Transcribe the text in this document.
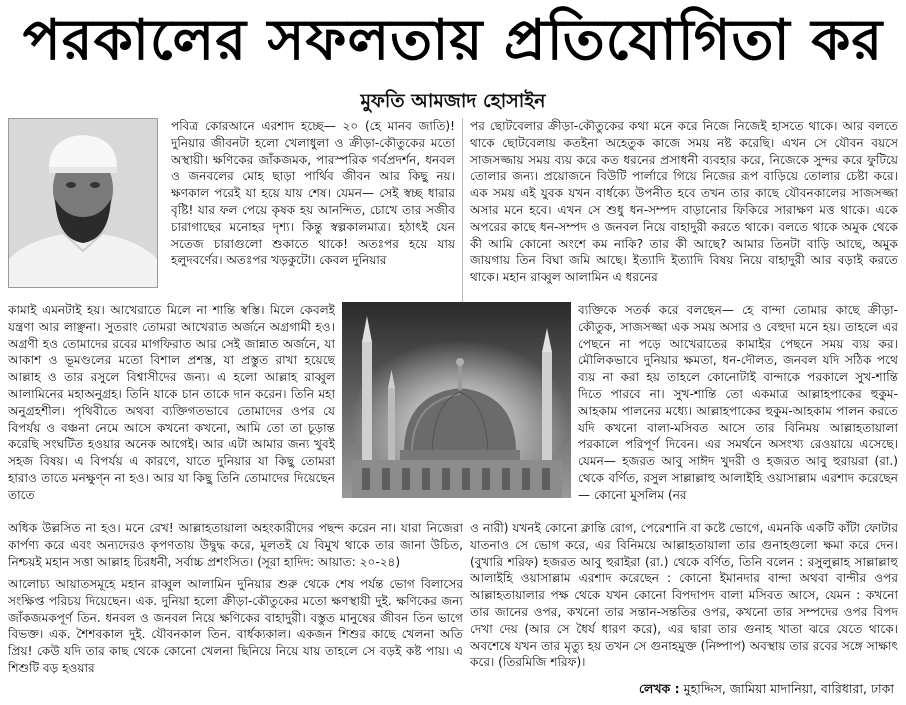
পরকালের সফলতায় প্রতিযোগিতা কর
মুফতি আমজাদ হোসাইন

পবিত্র কোরআনে এরশাদ হচ্ছে— ২০ (হে মানব জাতি)! দুনিয়ার জীবনটা হলো খেলাধুলা ও ক্রীড়া-কৌতুকের মতো অস্থায়ী। ক্ষণিকের জাঁকজমক, পারস্পরিক গর্বপ্রদর্শন, ধনবল ও জনবলের মোহ ছাড়া পার্থিব জীবন আর কিছু নয়। ক্ষণকাল পরেই যা হয়ে যায় শেষ। যেমন— সেই স্বচ্ছ ধারার বৃষ্টি! যার ফল পেয়ে কৃষক হয় আনন্দিত, চোখে তার সজীব চারাগাছের মনোহর দৃশ্য। কিন্তু স্বল্পকালমাত্র। হঠাৎই যেন সতেজ চারাগুলো শুকাতে থাকে! অতঃপর হয়ে যায় হলুদবর্ণের। অতঃপর খড়কুটো। কেবল দুনিয়ার

পর ছোটবেলার ক্রীড়া-কৌতুকের কথা মনে করে নিজে নিজেই হাসতে থাকে। আর বলতে থাকে ছোটবেলায় কতইনা অহেতুক কাজে সময় নষ্ট করেছি। এখন সে যৌবন বয়সে সাজসজ্জায় সময় ব্যয় করে কত ধরনের প্রসাধনী ব্যবহার করে, নিজেকে সুন্দর করে ফুটিয়ে তোলার জন্য। প্রয়োজনে বিউটি পার্লারে গিয়ে নিজের রূপ বাড়িয়ে তোলার চেষ্টা করে। এক সময় এই যুবক যখন বার্ধক্যে উপনীত হবে তখন তার কাছে যৌবনকালের সাজসজ্জা অসার মনে হবে। এখন সে শুধু ধন-সম্পদ বাড়ানোর ফিকিরে সারাক্ষণ মত্ত থাকে। একে অপরের কাছে ধন-সম্পদ ও জনবল নিয়ে বাহাদুরী করতে থাকে। বলতে থাকে অমুক থেকে কী আমি কোনো অংশে কম নাকি? তার কী আছে? আমার তিনটা বাড়ি আছে, অমুক জায়গায় তিন বিঘা জমি আছে। ইত্যাদি ইত্যাদি বিষয় নিয়ে বাহাদুরী আর বড়াই করতে থাকে। মহান রাব্বুল আলামিন এ ধরনের

কামাই এমনটাই হয়। আখেরাতে মিলে না শান্তি স্বস্তি। মিলে কেবলই যন্ত্রণা আর লাঞ্ছনা। সুতরাং তোমরা আখেরাত অর্জনে অগ্রগামী হও। অগ্রণী হও তোমাদের রবের মাগফিরাত আর সেই জান্নাত অর্জনে, যা আকাশ ও ভূমণ্ডলের মতো বিশাল প্রশস্ত, যা প্রস্তুত রাখা হয়েছে আল্লাহ ও তার রসুলে বিশ্বাসীদের জন্য। এ হলো আল্লাহ রাব্বুল আলামিনের মহাঅনুগ্রহ। তিনি যাকে চান তাকে দান করেন। তিনি মহা অনুগ্রহশীল। পৃথিবীতে অথবা ব্যক্তিগতভাবে তোমাদের ওপর যে বিপর্যয় ও বঞ্চনা নেমে আসে কখনো কখনো, আমি তো তা চূড়ান্ত করেছি সংঘটিত হওয়ার অনেক আগেই। আর এটা আমার জন্য খুবই সহজ বিষয়। এ বিপর্যয় এ কারণে, যাতে দুনিয়ার যা কিছু তোমরা হারাও তাতে মনক্ষুণ্ন না হও। আর যা কিছু তিনি তোমাদের দিয়েছেন তাতে

ব্যক্তিকে সতর্ক করে বলছেন— হে বান্দা তোমার কাছে ক্রীড়া-কৌতুক, সাজসজ্জা এক সময় অসার ও বেহুদা মনে হয়। তাহলে এর পেছনে না পড়ে আখেরাতের কামাইর পেছনে সময় ব্যয় কর। মৌলিকভাবে দুনিয়ার ক্ষমতা, ধন-দৌলত, জনবল যদি সঠিক পথে ব্যয় না করা হয় তাহলে কোনোটাই বান্দাকে পরকালে সুখ-শান্তি দিতে পারবে না। সুখ-শান্তি তো একমাত্র আল্লাহপাকের হুকুম-আহকাম পালনের মধ্যে। আল্লাহপাকের হুকুম-আহকাম পালন করতে যদি কখনো বালা-মসিবত আসে তার বিনিময় আল্লাহতায়ালা পরকালে পরিপূর্ণ দিবেন। এর সমর্থনে অসংখ্য রেওয়ায়ে এসেছে। যেমন— হজরত আবু সাঈদ খুদরী ও হজরত আবু হুরায়রা (রা.) থেকে বর্ণিত, রসুল সাল্লাল্লাহু আলাইহি ওয়াসাল্লাম এরশাদ করেছেন— কোনো মুসলিম (নর

অধিক উল্লসিত না হও। মনে রেখ! আল্লাহতায়ালা অহংকারীদের পছন্দ করেন না। যারা নিজেরা কার্পণ্য করে এবং অন্যদেরও কৃপণতায় উদ্বুদ্ধ করে, মূলতই যে বিমুখ থাকে তার জানা উচিত, নিশ্চয়ই মহান সত্তা আল্লাহ চিরধনী, সর্বাচ্চ প্রশংসিত। (সূরা হাদিদ: আয়াত: ২০-২৪)

আলোচ্য আয়াতসমূহে মহান রাব্বুল আলামিন দুনিয়ার শুরু থেকে শেষ পর্যন্ত ভোগ বিলাসের সংক্ষিপ্ত পরিচয় দিয়েছেন। এক. দুনিয়া হলো ক্রীড়া-কৌতুকের মতো ক্ষণস্থায়ী দুই. ক্ষণিকের জন্য জাঁকজমকপূর্ণ তিন. ধনবল ও জনবল নিয়ে ক্ষণিকের বাহাদুরী। বস্তুত মানুষের জীবন তিন ভাগে বিভক্ত। এক. শৈশবকাল দুই. যৌবনকাল তিন. বার্ধক্যকাল। একজন শিশুর কাছে খেলনা অতি প্রিয়! কেউ যদি তার কাছ থেকে কোনো খেলনা ছিনিয়ে নিয়ে যায় তাহলে সে বড়ই কষ্ট পায়। এ শিশুটি বড় হওয়ার

ও নারী) যখনই কোনো ক্লান্তি রোগ, পেরেশানি বা কষ্টে ভোগে, এমনকি একটি কাঁটা ফোটার যাতনাও সে ভোগ করে, এর বিনিময়ে আল্লাহতায়ালা তার গুনাহগুলো ক্ষমা করে দেন। (বুখারি শরিফ) হজরত আবু হুরাইরা (রা.) থেকে বর্ণিত, তিনি বলেন : রসুলুল্লাহ সাল্লাল্লাহু আলাইহি ওয়াসাল্লাম এরশাদ করেছেন : কোনো ইমানদার বান্দা অথবা বান্দীর ওপর আল্লাহতায়ালার পক্ষ থেকে যখন কোনো বিপদাপদ বালা মসিবত আসে, যেমন : কখনো তার জানের ওপর, কখনো তার সন্তান-সন্ততির ওপর, কখনো তার সম্পদের ওপর বিপদ দেখা দেয় (আর সে ধৈর্য ধারণ করে), এর দ্বারা তার গুনাহ খাতা ঝরে যেতে থাকে। অবশেষে যখন তার মৃত্যু হয় তখন সে গুনাহমুক্ত (নিষ্পাপ) অবস্থায় তার রবের সঙ্গে সাক্ষাৎ করে। (তিরমিজি শরিফ)।

লেখক : মুহাদ্দিস, জামিয়া মাদানিয়া, বারিধারা, ঢাকা
